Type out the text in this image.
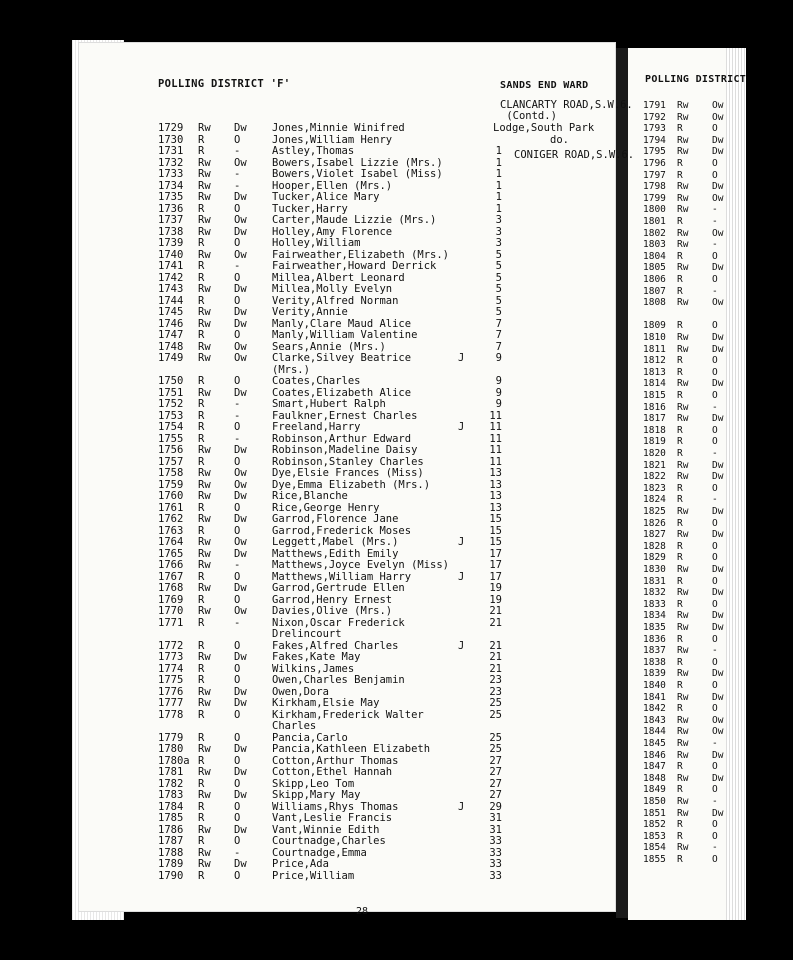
POLLING DISTRICT 'F'	SANDS END WARD
POLLING DISTRICT
CLANCARTY ROAD,S.W.6.
(Contd.)
CONIGER ROAD,S.W.6.
1729 Rw Dw Jones,Minnie Winifred	Lodge,South Park
1730 R	O	Jones,William Henry	do.
1731 R	-	Astley,Thomas	1
1732 Rw Ow Bowers,Isabel Lizzie (Mrs.)	1
1733 Rw -	Bowers,Violet Isabel (Miss)	1
1734 Rw -	Hooper,Ellen (Mrs.)	1
1735 Rw Dw Tucker,Alice Mary	1
1736 R	O	Tucker,Harry	1
1737 Rw Ow Carter,Maude Lizzie (Mrs.)	3
1738 Rw Dw Holley,Amy Florence	3
1739 R	O	Holley,William	3
1740 Rw Ow Fairweather,Elizabeth (Mrs.)	5
1741 R	-	Fairweather,Howard Derrick	5
1742 R	O	Millea,Albert Leonard	5
1743 Rw Dw Millea,Molly Evelyn	5
1744 R	O	Verity,Alfred Norman	5
1745 Rw Dw Verity,Annie	5
1746 Rw Dw Manly,Clare Maud Alice	7
1747 R	O	Manly,William Valentine	7
1748 Rw Ow Sears,Annie (Mrs.)	7
1749 Rw Ow Clarke,Silvey Beatrice	J	9
(Mrs.)
1750 R	O	Coates,Charles	9
1751 Rw Dw Coates,Elizabeth Alice	9
1752 R	-	Smart,Hubert Ralph	9
1753 R	-	Faulkner,Ernest Charles	11
1754 R	O	Freeland,Harry	J	11
1755 R	-	Robinson,Arthur Edward	11
1756 Rw Dw Robinson,Madeline Daisy	11
1757 R	O	Robinson,Stanley Charles	11
1758 Rw Ow Dye,Elsie Frances (Miss)	13
1759 Rw Ow Dye,Emma Elizabeth (Mrs.)	13
1760 Rw Dw Rice,Blanche	13
1761 R	O	Rice,George Henry	13
1762 Rw Dw Garrod,Florence Jane	15
1763 R	O	Garrod,Frederick Moses	15
1764 Rw Ow Leggett,Mabel (Mrs.)	J	15
1765 Rw Dw Matthews,Edith Emily	17
1766 Rw -	Matthews,Joyce Evelyn (Miss)	17
1767 R	O	Matthews,William Harry	J	17
1768 Rw Dw Garrod,Gertrude Ellen	19
1769 R	O	Garrod,Henry Ernest	19
1770 Rw Ow Davies,Olive (Mrs.)	21
1771 R	-	Nixon,Oscar Frederick	21
Drelincourt
1772 R	O	Fakes,Alfred Charles	J	21
1773 Rw Dw Fakes,Kate May	21
1774 R	O	Wilkins,James	21
1775 R	O	Owen,Charles Benjamin	23
1776 Rw Dw Owen,Dora	23
1777 Rw Dw Kirkham,Elsie May	25
1778 R	O	Kirkham,Frederick Walter	25
Charles
1779 R	O	Pancia,Carlo	25
1780 Rw Dw Pancia,Kathleen Elizabeth	25
1780a R	O	Cotton,Arthur Thomas	27
1781 Rw Dw Cotton,Ethel Hannah	27
1782 R	O	Skipp,Leo Tom	27
1783 Rw Dw Skipp,Mary May	27
1784 R	O	Williams,Rhys Thomas	J	29
1785 R	O	Vant,Leslie Francis	31
1786 Rw Dw Vant,Winnie Edith	31
1787 R	O	Courtnadge,Charles	33
1788 Rw -	Courtnadge,Emma	33
1789 Rw Dw Price,Ada	33
1790 R	O	Price,William	33
1791 Rw Ow
1792 Rw Ow
1793 R	O
1794 Rw Dw
1795 Rw Dw
1796 R	O
1797 R	O
1798 Rw Dw
1799 Rw Ow
1800 Rw -
1801 R	-
1802 Rw Ow
1803 Rw -
1804 R	O
1805 Rw Dw
1806 R	O
1807 R	-
1808 Rw Ow
1809 R	O
1810 Rw Dw
1811 Rw Dw
1812 R	O
1813 R	O
1814 Rw Dw
1815 R	O
1816 Rw -
1817 Rw Dw
1818 R	O
1819 R	O
1820 R	-
1821 Rw Dw
1822 Rw Dw
1823 R	O
1824 R	-
1825 Rw Dw
1826 R	O
1827 Rw Dw
1828 R	O
1829 R	O
1830 Rw Dw
1831 R	O
1832 Rw Dw
1833 R	O
1834 Rw Dw
1835 Rw Dw
1836 R	O
1837 Rw -
1838 R	O
1839 Rw Dw
1840 R	O
1841 Rw Dw
1842 R	O
1843 Rw Ow
1844 Rw Ow
1845 Rw -
1846 Rw Dw
1847 R	O
1848 Rw Dw
1849 R	O
1850 Rw -
1851 Rw Dw
1852 R	O
1853 R	O
1854 Rw -
1855 R	O
28
